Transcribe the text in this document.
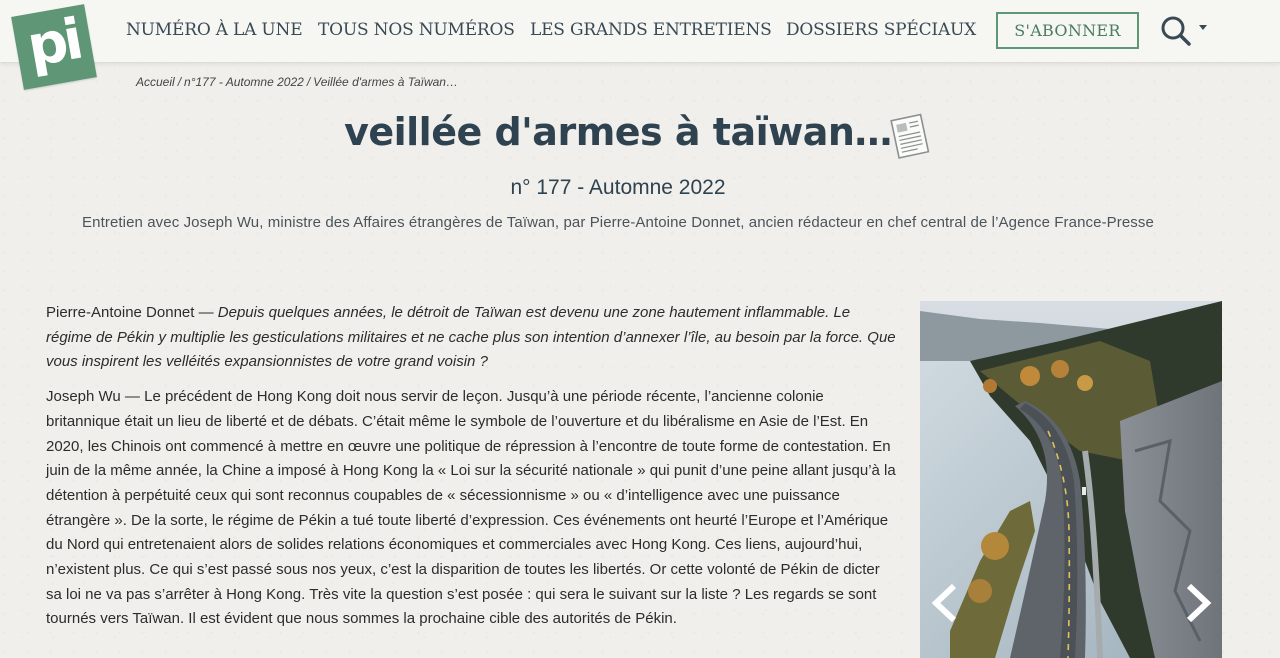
NUMÉRO À LA UNE TOUS NOS NUMÉROS LES GRANDS ENTRETIENS DOSSIERS SPÉCIAUX	S'ABONNER
pi
Accueil / n°177 - Automne 2022 / Veillée d'armes à Taïwan…
veillée d'armes à taïwan…
n° 177 - Automne 2022
Entretien avec Joseph Wu, ministre des Affaires étrangères de Taïwan, par Pierre-Antoine Donnet, ancien rédacteur en chef central de l’Agence France-Presse

Pierre-Antoine Donnet — Depuis quelques années, le détroit de Taïwan est devenu une zone hautement inflammable. Le régime de Pékin y multiplie les gesticulations militaires et ne cache plus son intention d’annexer l’île, au besoin par la force. Que vous inspirent les velléités expansionnistes de votre grand voisin ?

Joseph Wu — Le précédent de Hong Kong doit nous servir de leçon. Jusqu’à une période récente, l’ancienne colonie britannique était un lieu de liberté et de débats. C’était même le symbole de l’ouverture et du libéralisme en Asie de l’Est. En 2020, les Chinois ont commencé à mettre en œuvre une politique de répression à l’encontre de toute forme de contestation. En juin de la même année, la Chine a imposé à Hong Kong la « Loi sur la sécurité nationale » qui punit d’une peine allant jusqu’à la détention à perpétuité ceux qui sont reconnus coupables de « sécessionnisme » ou « d’intelligence avec une puissance étrangère ». De la sorte, le régime de Pékin a tué toute liberté d’expression. Ces événements ont heurté l’Europe et l’Amérique du Nord qui entretenaient alors de solides relations économiques et commerciales avec Hong Kong. Ces liens, aujourd’hui, n’existent plus. Ce qui s’est passé sous nos yeux, c’est la disparition de toutes les libertés. Or cette volonté de Pékin de dicter sa loi ne va pas s’arrêter à Hong Kong. Très vite la question s’est posée : qui sera le suivant sur la liste ? Les regards se sont tournés vers Taïwan. Il est évident que nous sommes la prochaine cible des autorités de Pékin.
